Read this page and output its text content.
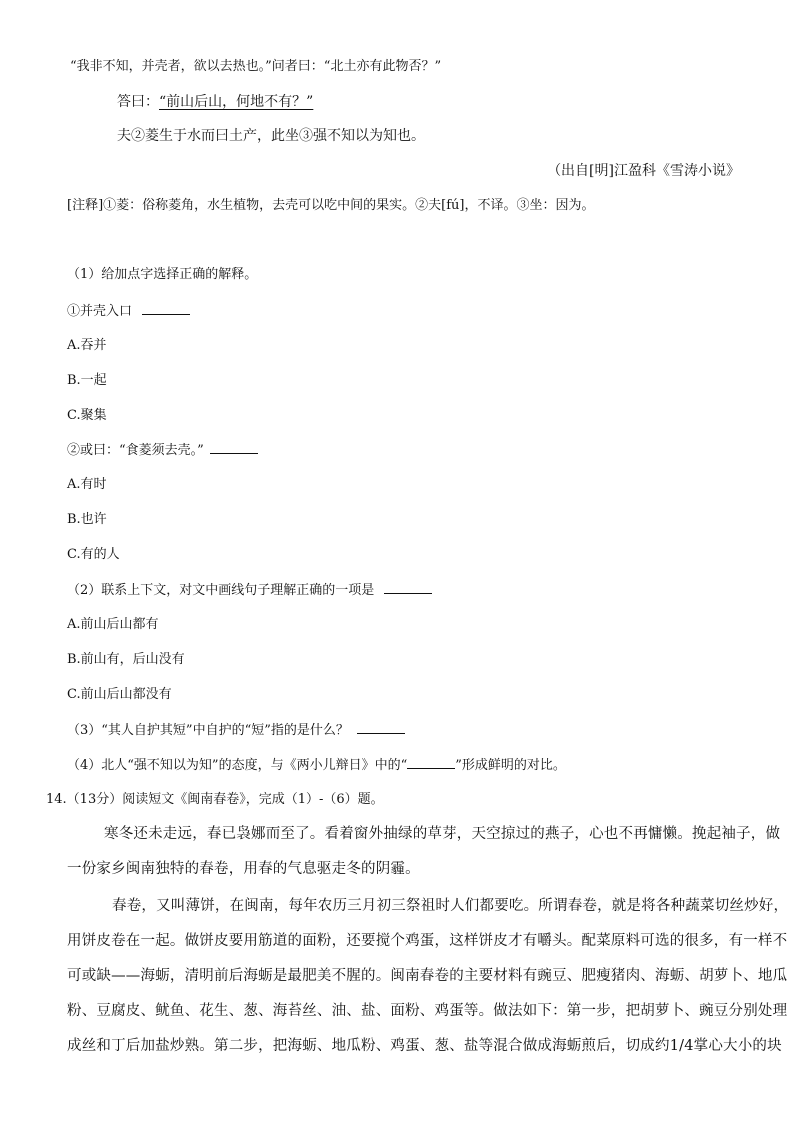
“我非不知，并壳者，欲以去热也。”问者曰：“北土亦有此物否？”
答曰：“前山后山，何地不有？”
夫②菱生于水而曰土产，此坐③强不知以为知也。
（出自[明]江盈科《雪涛小说》
[注释]①菱：俗称菱角，水生植物，去壳可以吃中间的果实。②夫[fú]，不译。③坐：因为。
（1）给加点字选择正确的解释。
①并壳入口
A.吞并
B.一起
C.聚集
②或曰：“食菱须去壳。”
A.有时
B.也许
C.有的人
（2）联系上下文，对文中画线句子理解正确的一项是
A.前山后山都有
B.前山有，后山没有
C.前山后山都没有
（3）“其人自护其短”中自护的“短”指的是什么？
（4）北人“强不知以为知”的态度，与《两小儿辩日》中的“	”形成鲜明的对比。
14.（13分）阅读短文《闽南春卷》，完成（1）-（6）题。
寒冬还未走远，春已袅娜而至了。看着窗外抽绿的草芽，天空掠过的燕子，心也不再慵懒。挽起袖子，做
一份家乡闽南独特的春卷，用春的气息驱走冬的阴霾。
春卷，又叫薄饼，在闽南，每年农历三月初三祭祖时人们都要吃。所谓春卷，就是将各种蔬菜切丝炒好，
用饼皮卷在一起。做饼皮要用筋道的面粉，还要搅个鸡蛋，这样饼皮才有嚼头。配菜原料可选的很多，有一样不
可或缺——海蛎，清明前后海蛎是最肥美不腥的。闽南春卷的主要材料有豌豆、肥瘦猪肉、海蛎、胡萝卜、地瓜
粉、豆腐皮、鱿鱼、花生、葱、海苔丝、油、盐、面粉、鸡蛋等。做法如下：第一步，把胡萝卜、豌豆分别处理
成丝和丁后加盐炒熟。第二步，把海蛎、地瓜粉、鸡蛋、葱、盐等混合做成海蛎煎后，切成约1/4掌心大小的块
